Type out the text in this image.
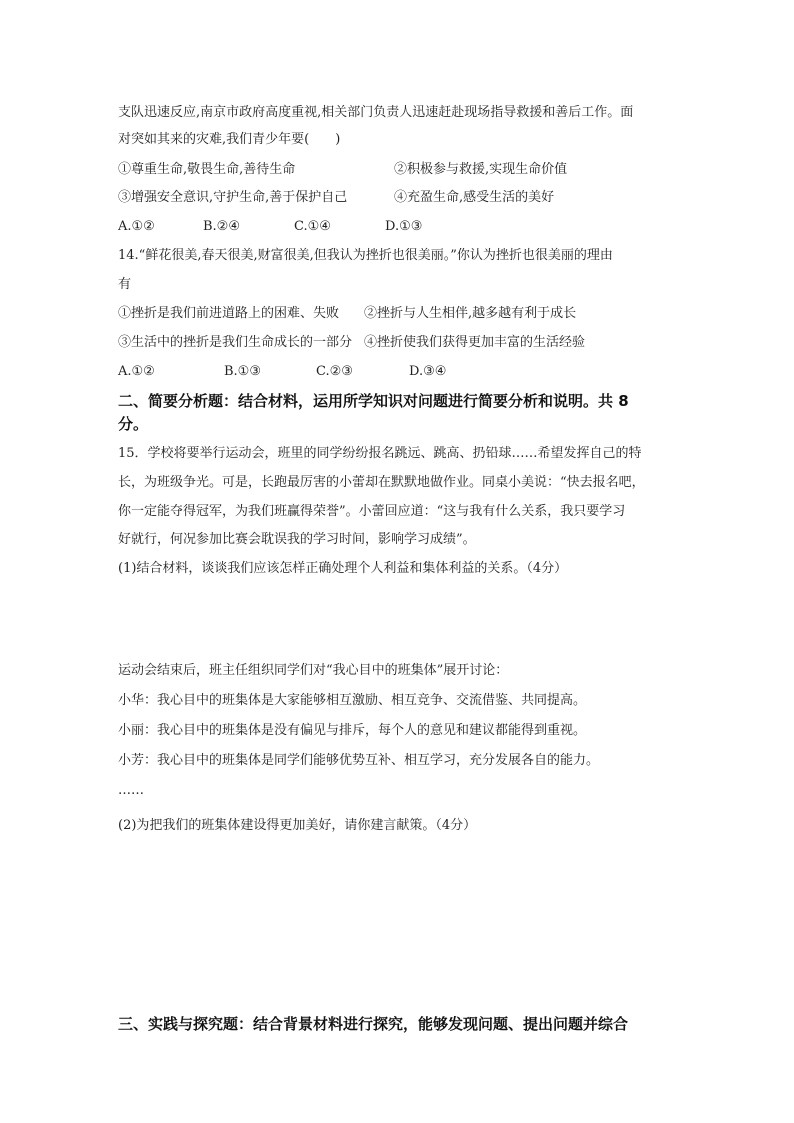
支队迅速反应,南京市政府高度重视,相关部门负责人迅速赶赴现场指导救援和善后工作。面
对突如其来的灾难,我们青少年要(　　)
①尊重生命,敬畏生命,善待生命	②积极参与救援,实现生命价值
③增强安全意识,守护生命,善于保护自己	④充盈生命,感受生活的美好
A.①②	B.②④	C.①④	D.①③
14.“鲜花很美,春天很美,财富很美,但我认为挫折也很美丽。”你认为挫折也很美丽的理由
有
①挫折是我们前进道路上的困难、失败 ②挫折与人生相伴,越多越有利于成长
③生活中的挫折是我们生命成长的一部分 ④挫折使我们获得更加丰富的生活经验
A.①②	B.①③	C.②③	D.③④
二、简要分析题：结合材料，运用所学知识对问题进行简要分析和说明。共 8
分。
15．学校将要举行运动会，班里的同学纷纷报名跳远、跳高、扔铅球……希望发挥自己的特
长，为班级争光。可是，长跑最厉害的小蕾却在默默地做作业。同桌小美说：“快去报名吧，
你一定能夺得冠军，为我们班赢得荣誉”。小蕾回应道：“这与我有什么关系，我只要学习
好就行，何况参加比赛会耽误我的学习时间，影响学习成绩”。
(1)结合材料，谈谈我们应该怎样正确处理个人利益和集体利益的关系。（4分）
运动会结束后，班主任组织同学们对“我心目中的班集体”展开讨论：
小华：我心目中的班集体是大家能够相互激励、相互竞争、交流借鉴、共同提高。
小丽：我心目中的班集体是没有偏见与排斥，每个人的意见和建议都能得到重视。
小芳：我心目中的班集体是同学们能够优势互补、相互学习，充分发展各自的能力。
……
(2)为把我们的班集体建设得更加美好，请你建言献策。（4分）
三、实践与探究题：结合背景材料进行探究，能够发现问题、提出问题并综合
